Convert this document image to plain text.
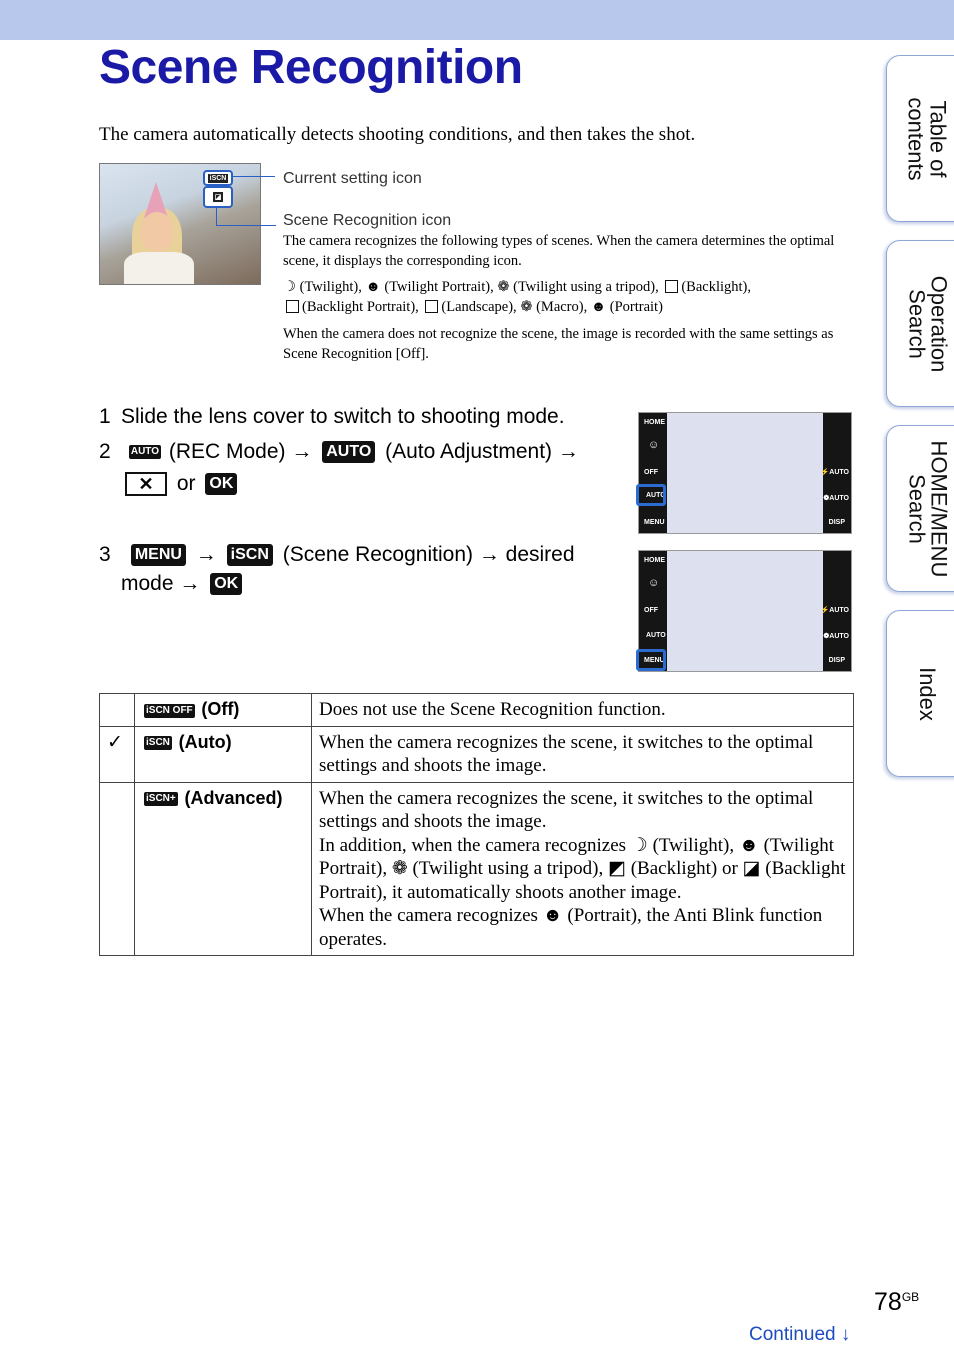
Scene Recognition
The camera automatically detects shooting conditions, and then takes the shot.
iSCN
◪
Current setting icon
Scene Recognition icon
The camera recognizes the following types of scenes. When the camera determines the optimal scene, it displays the corresponding icon.
☽ (Twilight), ☻ (Twilight Portrait), ❁ (Twilight using a tripod), (Backlight),
(Backlight Portrait), (Landscape), ❁ (Macro), ☻ (Portrait)
When the camera does not recognize the scene, the image is recorded with the same settings as Scene Recognition [Off].
1 Slide the lens cover to switch to shooting mode.
2 AUTO (REC Mode) → AUTO (Auto Adjustment) →
✕ or OK
3 MENU → iSCN (Scene Recognition) → desired
mode → OK
HOME
☺
OFF
AUTO
MENU
⚡AUTO
❁AUTO
DISP
HOME
☺
OFF
AUTO
MENU
⚡AUTO
❁AUTO
DISP
Table of
contents
Operation
Search
HOME/MENU
Search
Index
	iSCN OFF (Off)	Does not use the Scene Recognition function.
✓	iSCN (Auto)	When the camera recognizes the scene, it switches to the optimal settings and shoots the image.
	iSCN+ (Advanced)	When the camera recognizes the scene, it switches to the optimal settings and shoots the image.
In addition, when the camera recognizes ☽ (Twilight), ☻ (Twilight Portrait), ❁ (Twilight using a tripod), ◩ (Backlight) or ◪ (Backlight Portrait), it automatically shoots another image.
When the camera recognizes ☻ (Portrait), the Anti Blink function operates.
$78^{GB}$
Continued ↓
